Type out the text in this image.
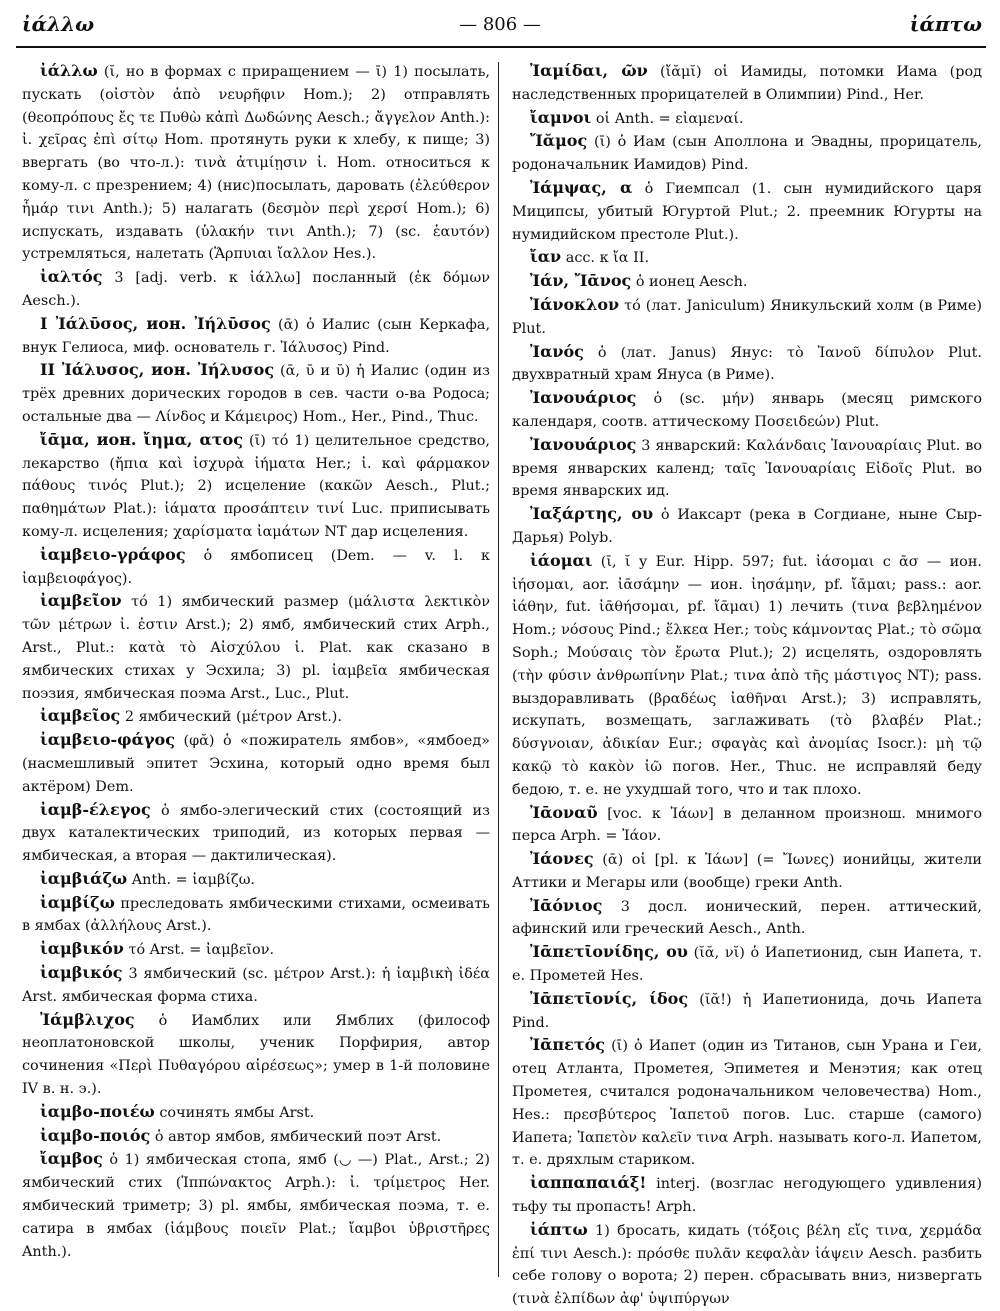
ἰάλλω	— 806 —	ἰάπτω

ἰάλλω (ῐ, но в формах с приращением — ῑ) 1) посылать, пускать (οἰστὸν ἀπὸ νευρῆφιν Hom.); 2) отправлять (θεοπρόπους ἔς τε Πυθὼ κἀπὶ Δωδώνης Aesch.; ἄγγελον Anth.): ἰ. χεῖρας ἐπὶ σίτῳ Hom. протянуть руки к хлебу, к пище; 3) ввергать (во что-л.): τινὰ ἀτιμίῃσιν ἰ. Hom. относиться к кому-л. с презрением; 4) (нис)посылать, даровать (ἐλεύθερον ἦμάρ τινι Anth.); 5) налагать (δεσμὸν περὶ χερσί Hom.); 6) испускать, издавать (ὑλακήν τινι Anth.); 7) (sc. ἑαυτόν) устремляться, налетать (Ἅρπυιαι ἴαλλον Hes.).

ἰαλτός 3 [adj. verb. к ἰάλλω] посланный (ἐκ δόμων Aesch.).

I Ἰάλῡσος, ион. Ἰήλῡσος (ᾱ) ὁ Иалис (сын Керкафа, внук Гелиоса, миф. основатель г. Ἰάλυσος) Pind.

II Ἰάλυσος, ион. Ἰήλυσος (ᾱ, ῡ и ῠ) ἡ Иалис (один из трёх древних дорических городов в сев. части о-ва Родоса; остальные два — Λίνδος и Κάμειρος) Hom., Her., Pind., Thuc.

ἴᾱμα, ион. ἴημα, ατος (ῑ) τό 1) целительное средство, лекарство (ἤπια καὶ ἰσχυρὰ ἰήματα Her.; ἰ. καὶ φάρμακον πάθους τινός Plut.); 2) исцеление (κακῶν Aesch., Plut.; παθημάτων Plat.): ἰάματα προσάπτειν τινί Luc. приписывать кому-л. исцеления; χαρίσματα ἰαμάτων NT дар исцеления.

ἰαμβειο-γράφος ὁ ямбописец (Dem. — v. l. к ἰαμβειοφάγος).

ἰαμβεῖον τό 1) ямбический размер (μάλιστα λεκτικὸν τῶν μέτρων ἰ. ἐστιν Arst.); 2) ямб, ямбический стих Arph., Arst., Plut.: κατὰ τὸ Αἰσχύλου ἰ. Plat. как сказано в ямбических стихах у Эсхила; 3) pl. ἰαμβεῖα ямбическая поэзия, ямбическая поэма Arst., Luc., Plut.

ἰαμβεῖος 2 ямбический (μέτρον Arst.).

ἰαμβειο-φάγος (φᾰ) ὁ «пожиратель ямбов», «ямбоед» (насмешливый эпитет Эсхина, который одно время был актёром) Dem.

ἰαμβ-έλεγος ὁ ямбо-элегический стих (состоящий из двух каталектических триподий, из которых первая — ямбическая, а вторая — дактилическая).

ἰαμβιάζω Anth. = ἰαμβίζω.

ἰαμβίζω преследовать ямбическими стихами, осмеивать в ямбах (ἀλλήλους Arst.).

ἰαμβικόν τό Arst. = ἰαμβεῖον.

ἰαμβικός 3 ямбический (sc. μέτρον Arst.): ἡ ἰαμβικὴ ἰδέα Arst. ямбическая форма стиха.

Ἰάμβλιχος ὁ Иамблих или Ямблих (философ неоплатоновской школы, ученик Порфирия, автор сочинения «Περὶ Πυθαγόρου αἱρέσεως»; умер в 1-й половине IV в. н. э.).

ἰαμβο-ποιέω сочинять ямбы Arst.

ἰαμβο-ποιός ὁ автор ямбов, ямбический поэт Arst.

ἴαμβος ὁ 1) ямбическая стопа, ямб (◡ —) Plat., Arst.; 2) ямбический стих (Ἱππώνακτος Arph.): ἰ. τρίμετρος Her. ямбический триметр; 3) pl. ямбы, ямбическая поэма, т. е. сатира в ямбах (ἰάμβους ποιεῖν Plat.; ἴαμβοι ὑβριστῆρες Anth.).

Ἰαμίδαι, ῶν (ἴᾰμῐ) οἱ Иамиды, потомки Иама (род наследственных прорицателей в Олимпии) Pind., Her.

ἴαμνοι οἱ Anth. = εἰαμεναί.

Ἴᾰμος (ῑ) ὁ Иам (сын Аполлона и Эвадны, прорицатель, родоначальник Иамидов) Pind.

Ἰάμψας, α ὁ Гиемпсал (1. сын нумидийского царя Миципсы, убитый Югуртой Plut.; 2. преемник Югурты на нумидийском престоле Plut.).

ἴαν acc. к ἴα II.

Ἰάν, Ἴᾱνος ὁ ионец Aesch.

Ἰάνοκλον τό (лат. Janiculum) Яникульский холм (в Риме) Plut.

Ἰανός ὁ (лат. Janus) Янус: τὸ Ἰανοῦ δίπυλον Plut. двухвратный храм Януса (в Риме).

Ἰανουάριος ὁ (sc. μήν) январь (месяц римского календаря, соотв. аттическому Ποσειδεών) Plut.

Ἰανουάριος 3 январский: Καλάνδαις Ἰανουαρίαις Plut. во время январских календ; ταῖς Ἰανουαρίαις Εἰδοῖς Plut. во время январских ид.

Ἰαξάρτης, ου ὁ Иаксарт (река в Согдиане, ныне Сыр-Дарья) Polyb.

ἰάομαι (ῑ, ῐ у Eur. Hipp. 597; fut. ἰάσομαι с ᾱσ — ион. ἰήσομαι, aor. ἰᾱσάμην — ион. ἰησάμην, pf. ἴᾱμαι; pass.: aor. ἰάθην, fut. ἰᾱθήσομαι, pf. ἴᾱμαι) 1) лечить (τινα βεβλημένον Hom.; νόσους Pind.; ἕλκεα Her.; τοὺς κάμνοντας Plat.; τὸ σῶμα Soph.; Μούσαις τὸν ἔρωτα Plut.); 2) исцелять, оздоровлять (τὴν φύσιν ἀνθρωπίνην Plat.; τινα ἀπὸ τῆς μάστιγος NT); pass. выздоравливать (βραδέως ἰαθῆναι Arst.); 3) исправлять, искупать, возмещать, заглаживать (τὸ βλαβέν Plat.; δύσγνοιαν, ἀδικίαν Eur.; σφαγὰς καὶ ἀνομίας Isocr.): μὴ τῷ κακῷ τὸ κακὸν ἰῶ погов. Her., Thuc. не исправляй беду бедою, т. е. не ухудшай того, что и так плохо.

Ἰᾱοναῦ [voc. к Ἰάων] в деланном произнош. мнимого перса Arph. = Ἰάον.

Ἰάονες (ᾱ) οἱ [pl. к Ἰάων] (= Ἴωνες) ионийцы, жители Аттики и Мегары или (вообще) греки Anth.

Ἰᾱόνιος 3 досл. ионический, перен. аттический, афинский или греческий Aesch., Anth.

Ἰᾱπετῑονίδης, ου (ῐᾰ, νῐ) ὁ Иапетионид, сын Иапета, т. е. Прометей Hes.

Ἰᾱπετῑονίς, ίδος (ῐᾰ!) ἡ Иапетионида, дочь Иапета Pind.

Ἰᾱπετός (ῑ) ὁ Иапет (один из Титанов, сын Урана и Геи, отец Атланта, Прометея, Эпиметея и Менэтия; как отец Прометея, считался родоначальником человечества) Hom., Hes.: πρεσβύτερος Ἰαπετοῦ погов. Luc. старше (самого) Иапета; Ἰαπετὸν καλεῖν τινα Arph. называть кого-л. Иапетом, т. е. дряхлым стариком.

ἰαππαπαιάξ! interj. (возглас негодующего удивления) тьфу ты пропасть! Arph.

ἰάπτω 1) бросать, кидать (τόξοις βέλη εἴς τινα, χερμάδα ἐπί τινι Aesch.): πρόσθε πυλᾶν κεφαλὰν ἰάψειν Aesch. разбить себе голову о ворота; 2) перен. сбрасывать вниз, низвергать (τινὰ ἐλπίδων ἀφ' ὑψιπύργων
